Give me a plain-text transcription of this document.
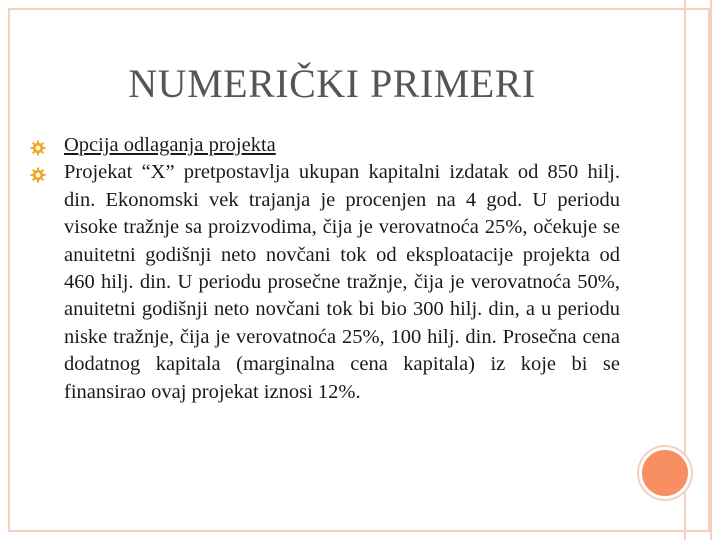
NUMERIČKI PRIMERI
Opcija odlaganja projekta
Projekat “X” pretpostavlja ukupan kapitalni izdatak od 850 hilj. din. Ekonomski vek trajanja je procenjen na 4 god. U periodu visoke tražnje sa proizvodima, čija je verovatnoća 25%, očekuje se anuitetni godišnji neto novčani tok od eksploatacije projekta od 460 hilj. din. U periodu prosečne tražnje, čija je verovatnoća 50%, anuitetni godišnji neto novčani tok bi bio 300 hilj. din, a u periodu niske tražnje, čija je verovatnoća 25%, 100 hilj. din. Prosečna cena dodatnog kapitala (marginalna cena kapitala) iz koje bi se finansirao ovaj projekat iznosi 12%.
